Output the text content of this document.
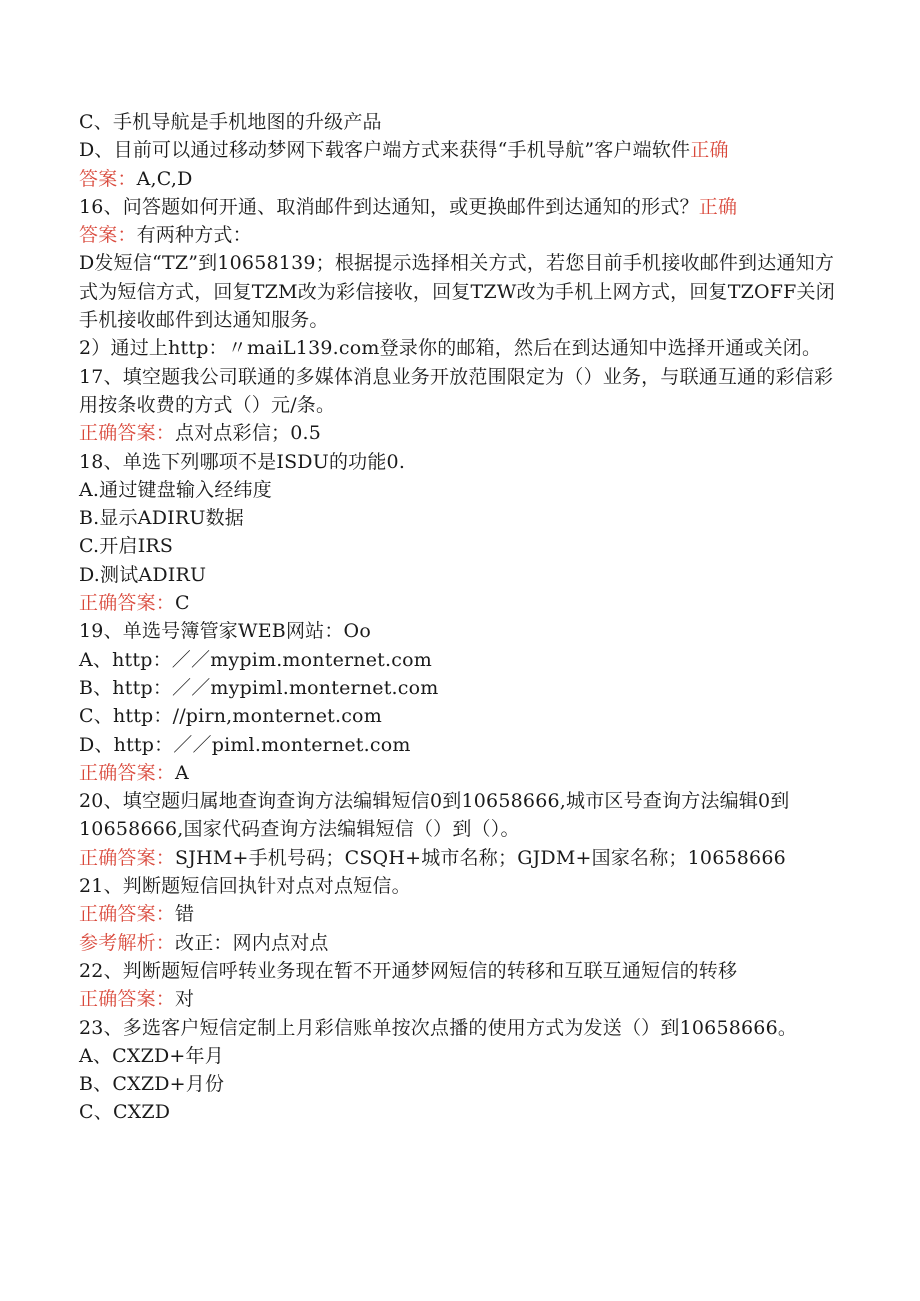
C、手机导航是手机地图的升级产品
D、目前可以通过移动梦网下载客户端方式来获得“手机导航”客户端软件正确
答案：A,C,D
16、问答题如何开通、取消邮件到达通知，或更换邮件到达通知的形式？正确
答案：有两种方式：
D发短信“TZ”到10658139；根据提示选择相关方式，若您目前手机接收邮件到达通知方式为短信方式，回复TZM改为彩信接收，回复TZW改为手机上网方式，回复TZOFF关闭手机接收邮件到达通知服务。
2）通过上http：〃maiL139.com登录你的邮箱，然后在到达通知中选择开通或关闭。
17、填空题我公司联通的多媒体消息业务开放范围限定为（）业务，与联通互通的彩信彩用按条收费的方式（）元/条。
正确答案：点对点彩信；0.5
18、单选下列哪项不是ISDU的功能0.
A.通过键盘输入经纬度
B.显示ADIRU数据
C.开启IRS
D.测试ADIRU
正确答案：C
19、单选号簿管家WEB网站：Oo
A、http：／／mypim.monternet.com
B、http：／／mypiml.monternet.com
C、http：//pirn,monternet.com
D、http：／／piml.monternet.com
正确答案：A
20、填空题归属地查询查询方法编辑短信0到10658666,城市区号查询方法编辑0到10658666,国家代码查询方法编辑短信（）到（）。
正确答案：SJHM+手机号码；CSQH+城市名称；GJDM+国家名称；10658666
21、判断题短信回执针对点对点短信。
正确答案：错
参考解析：改正：网内点对点
22、判断题短信呼转业务现在暂不开通梦网短信的转移和互联互通短信的转移
正确答案：对
23、多选客户短信定制上月彩信账单按次点播的使用方式为发送（）到10658666。
A、CXZD+年月
B、CXZD+月份
C、CXZD
